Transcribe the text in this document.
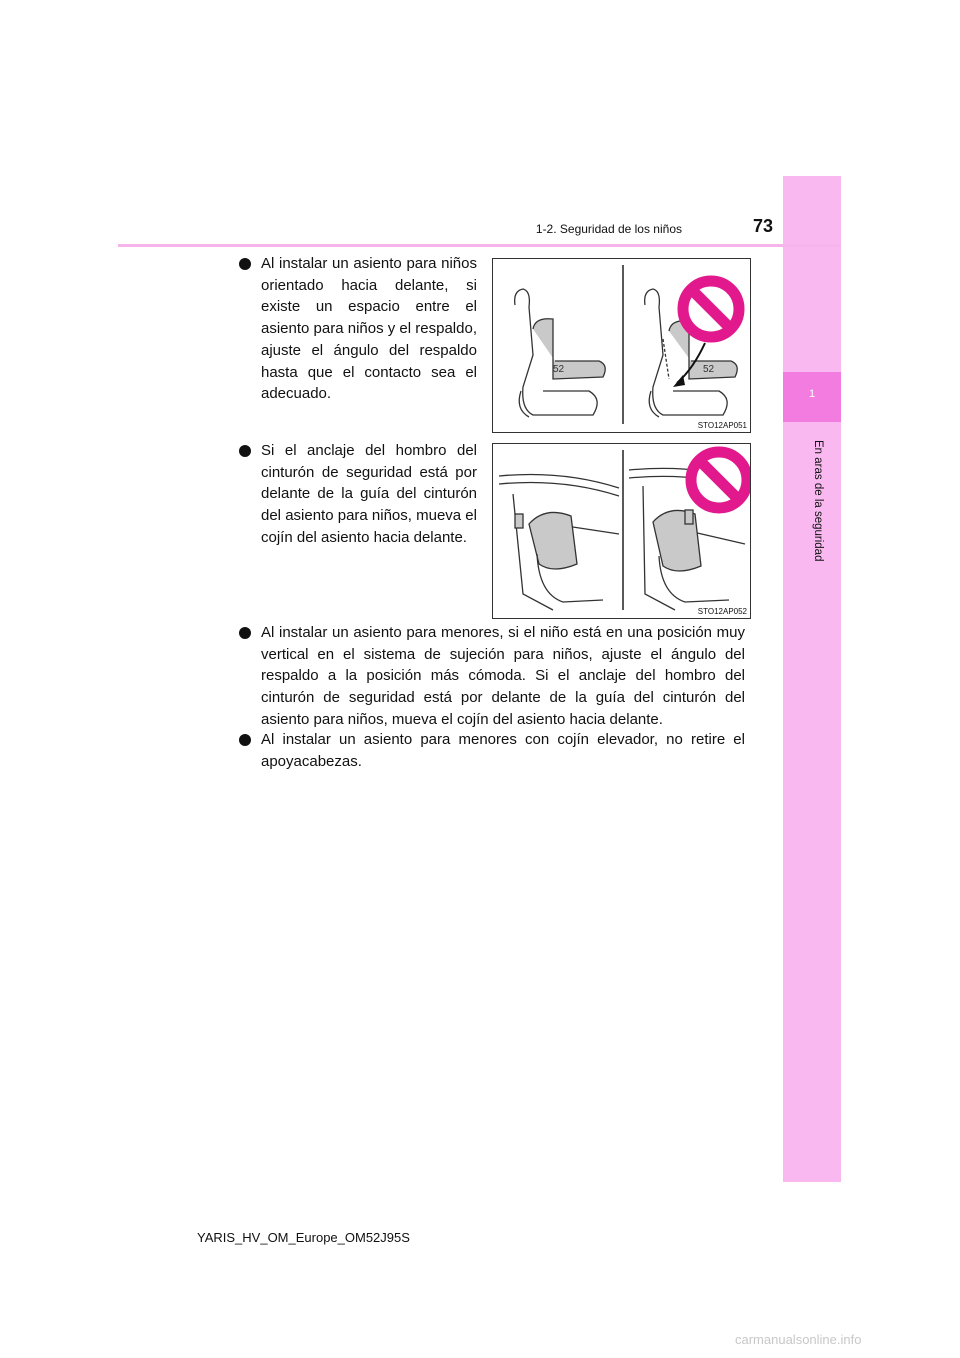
1
En aras de la seguridad
1-2. Seguridad de los niños	73
Al instalar un asiento para niños orientado hacia delante, si existe un espacio entre el asiento para niños y el respaldo, ajuste el ángulo del respaldo hasta que el contacto sea el adecuado.
Si el anclaje del hombro del cinturón de seguridad está por delante de la guía del cinturón del asiento para niños, mueva el cojín del asiento hacia delante.
Al instalar un asiento para menores, si el niño está en una posición muy vertical en el sistema de sujeción para niños, ajuste el ángulo del respaldo a la posición más cómoda. Si el anclaje del hombro del cinturón de seguridad está por delante de la guía del cinturón del asiento para niños, mueva el cojín del asiento hacia delante.
Al instalar un asiento para menores con cojín elevador, no retire el apoyacabezas.
52	52
STO12AP051
STO12AP052
YARIS_HV_OM_Europe_OM52J95S
carmanualsonline.info
